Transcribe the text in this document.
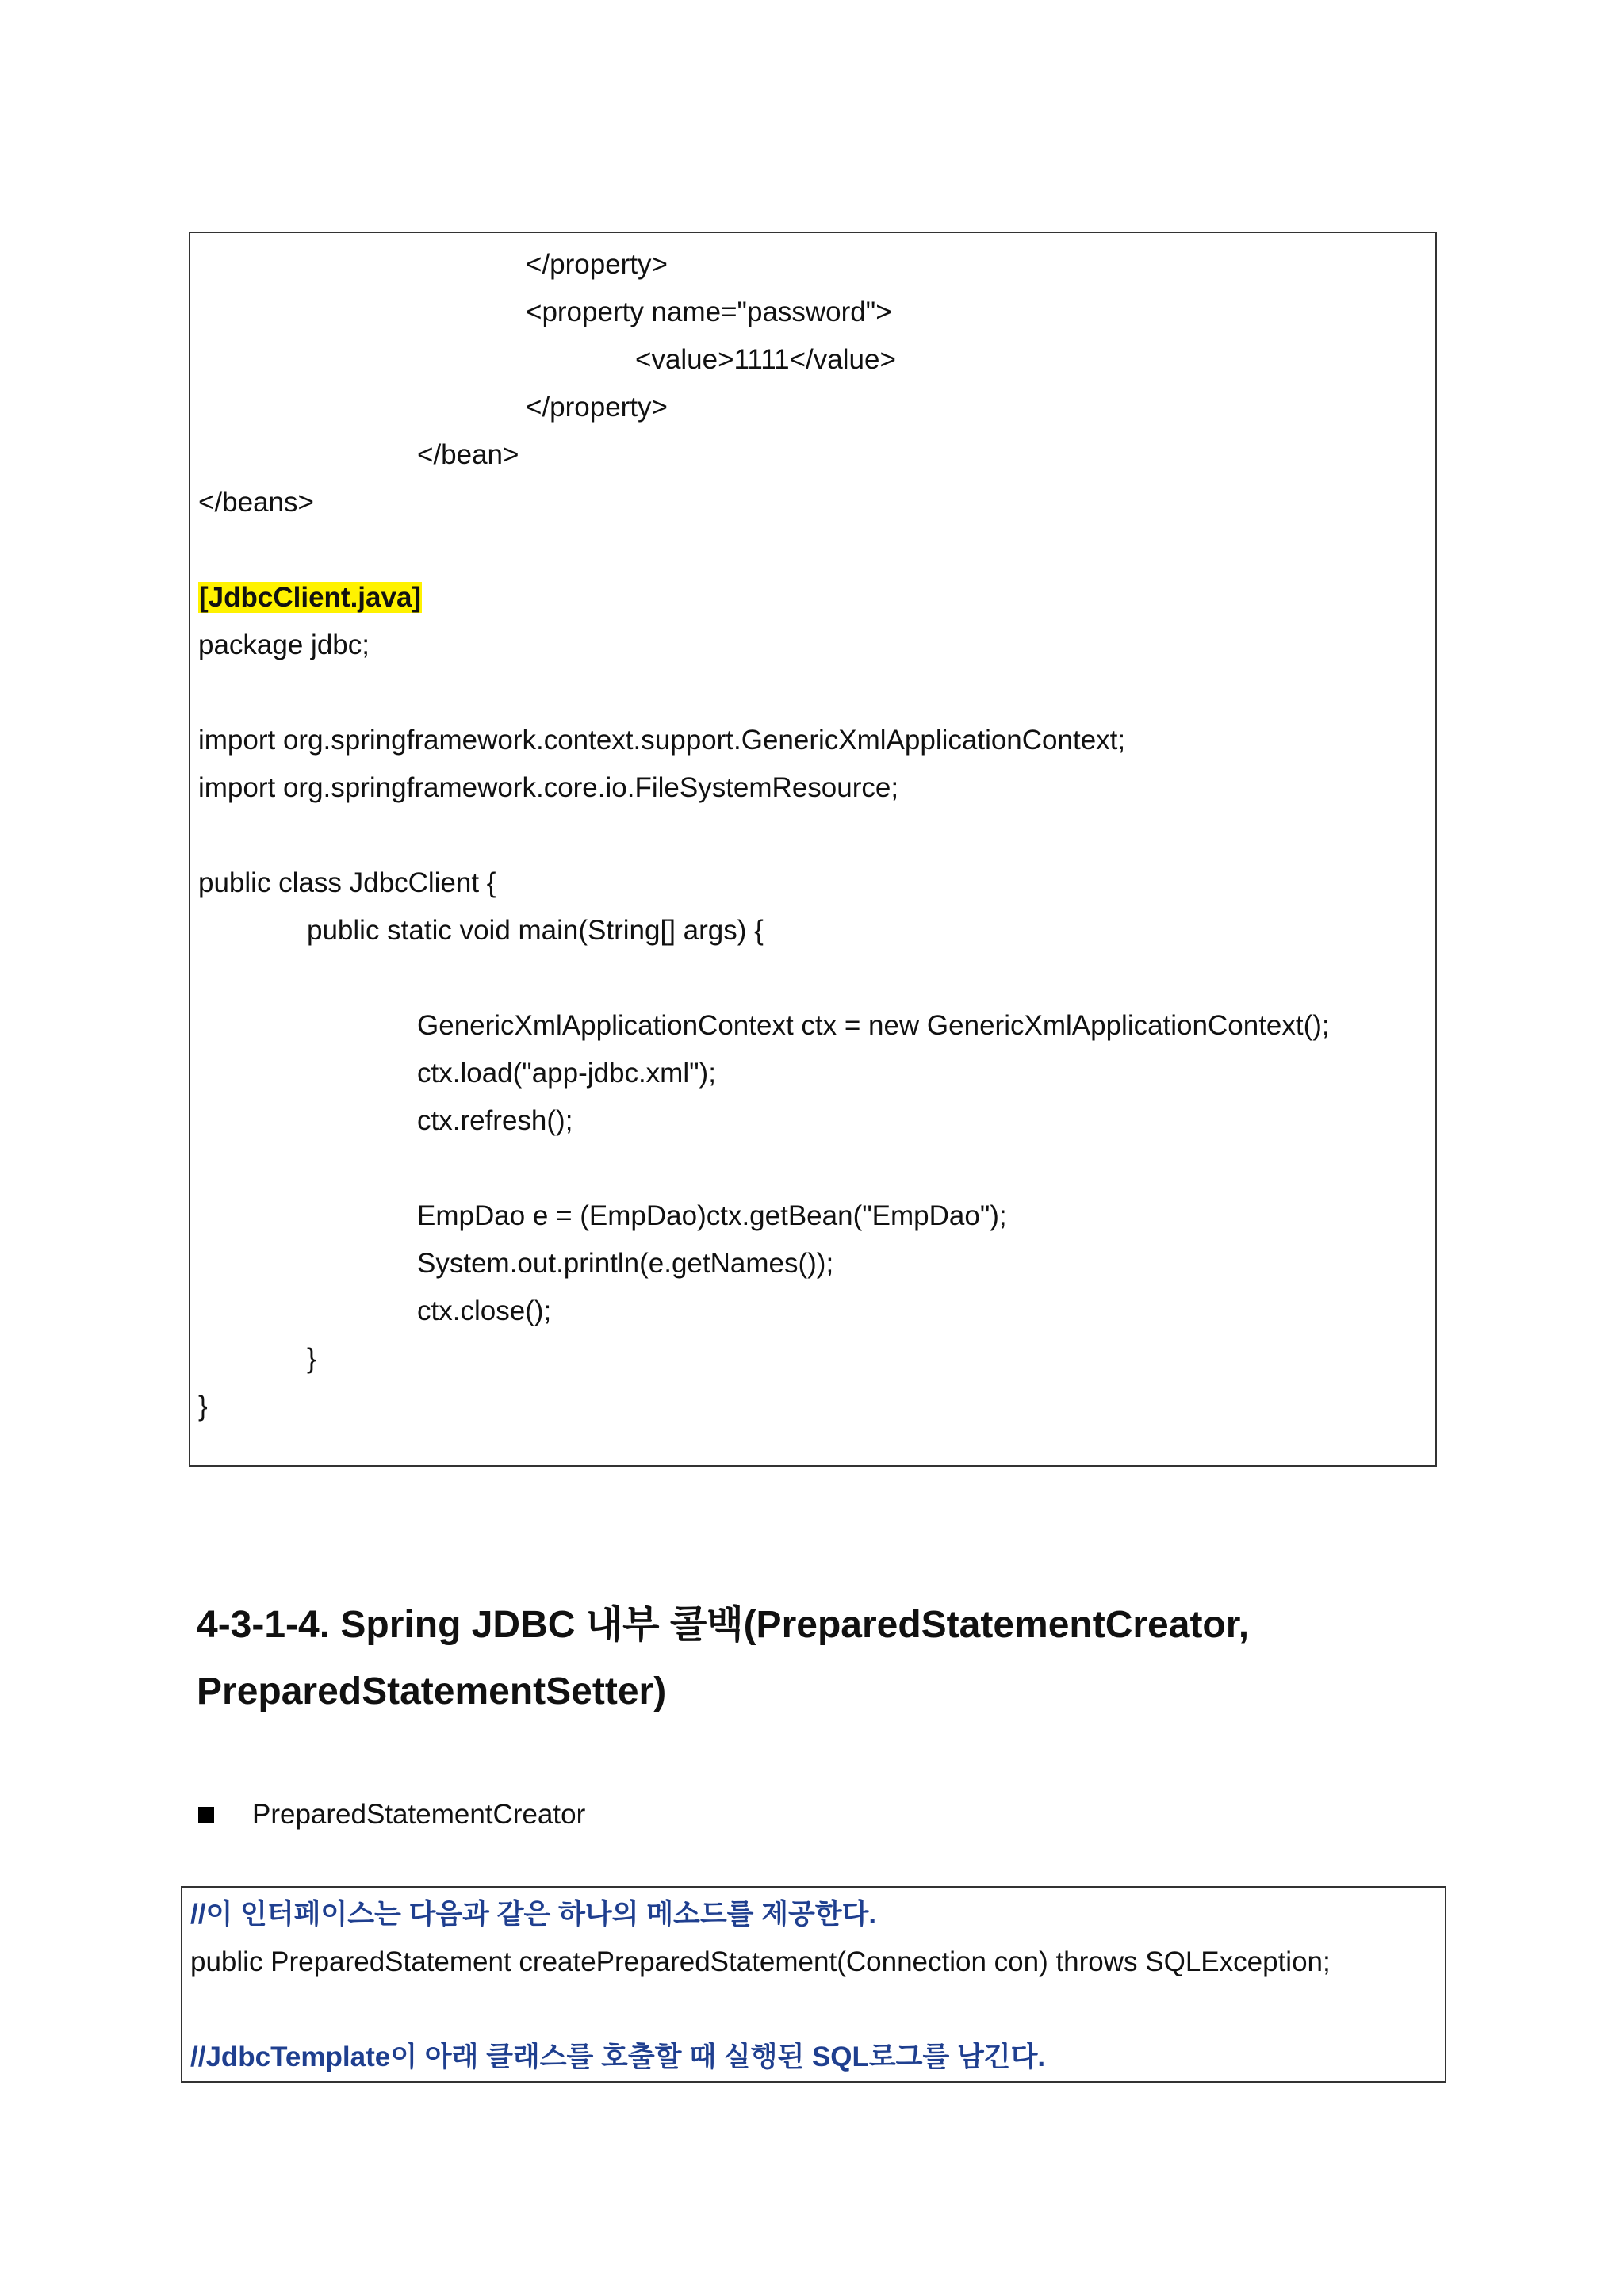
</property>
<property name="password">
<value>1111</value>
</property>
</bean>
</beans>
[JdbcClient.java]
package jdbc;
import org.springframework.context.support.GenericXmlApplicationContext;
import org.springframework.core.io.FileSystemResource;
public class JdbcClient {
public static void main(String[] args) {
GenericXmlApplicationContext ctx = new GenericXmlApplicationContext();
ctx.load("app-jdbc.xml");
ctx.refresh();
EmpDao e = (EmpDao)ctx.getBean("EmpDao");
System.out.println(e.getNames());
ctx.close();
}
}
4-3-1-4. Spring JDBC 내부 콜백(PreparedStatementCreator, PreparedStatementSetter)
PreparedStatementCreator
//이 인터페이스는 다음과 같은 하나의 메소드를 제공한다.
public PreparedStatement createPreparedStatement(Connection con) throws SQLException;
//JdbcTemplate이 아래 클래스를 호출할 때 실행된 SQL로그를 남긴다.
